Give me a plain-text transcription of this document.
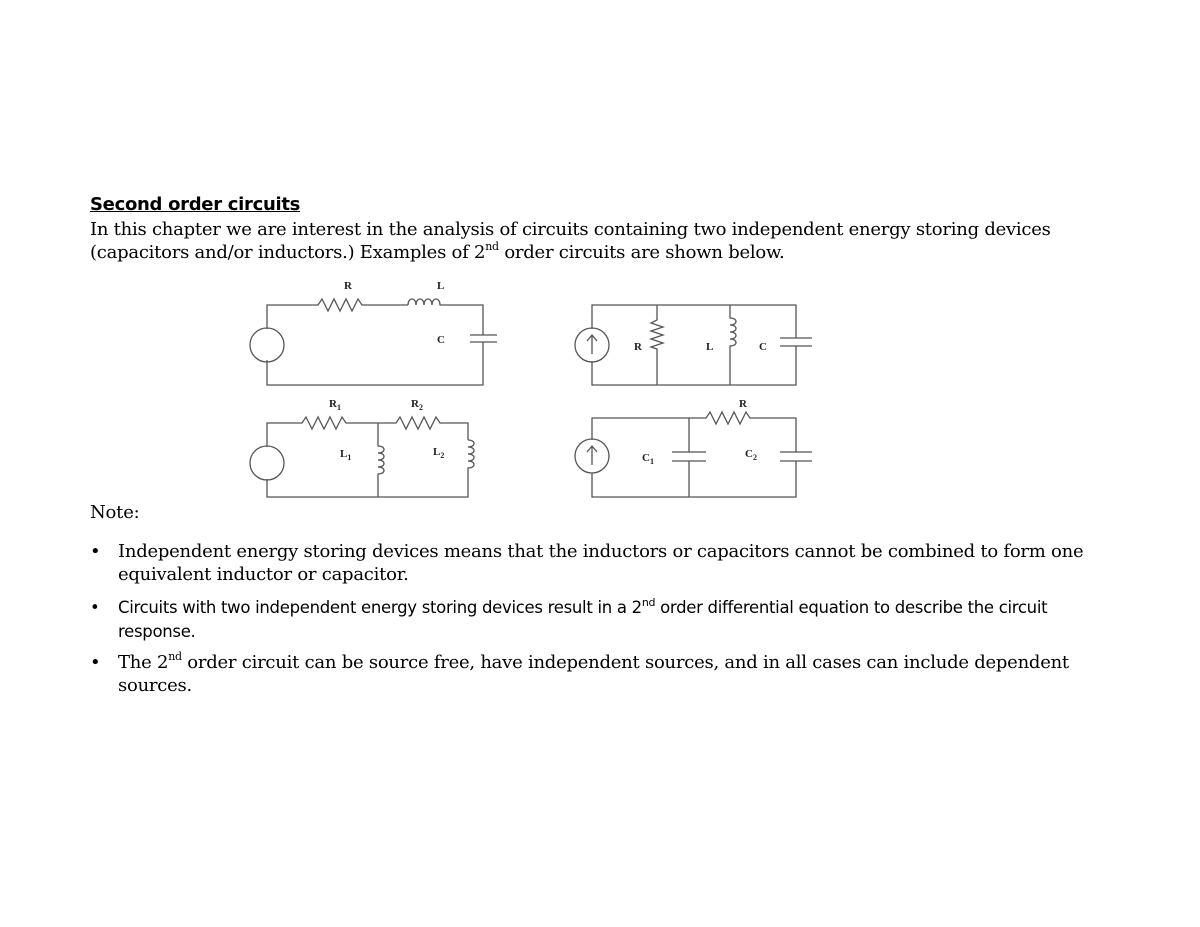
Second order circuits
In this chapter we are interest in the analysis of circuits containing two independent energy storing devices (capacitors and/or inductors.) Examples of 2nd order circuits are shown below.
R	L
C
R	L	C
$R_1$	$R_2$
$L_1$	$L_2$
R
$C_1$
$C_2$
Note:
• Independent energy storing devices means that the inductors or capacitors cannot be combined to form one equivalent inductor or capacitor.
• Circuits with two independent energy storing devices result in a 2nd order differential equation to describe the circuit response.
• The 2nd order circuit can be source free, have independent sources, and in all cases can include dependent sources.
